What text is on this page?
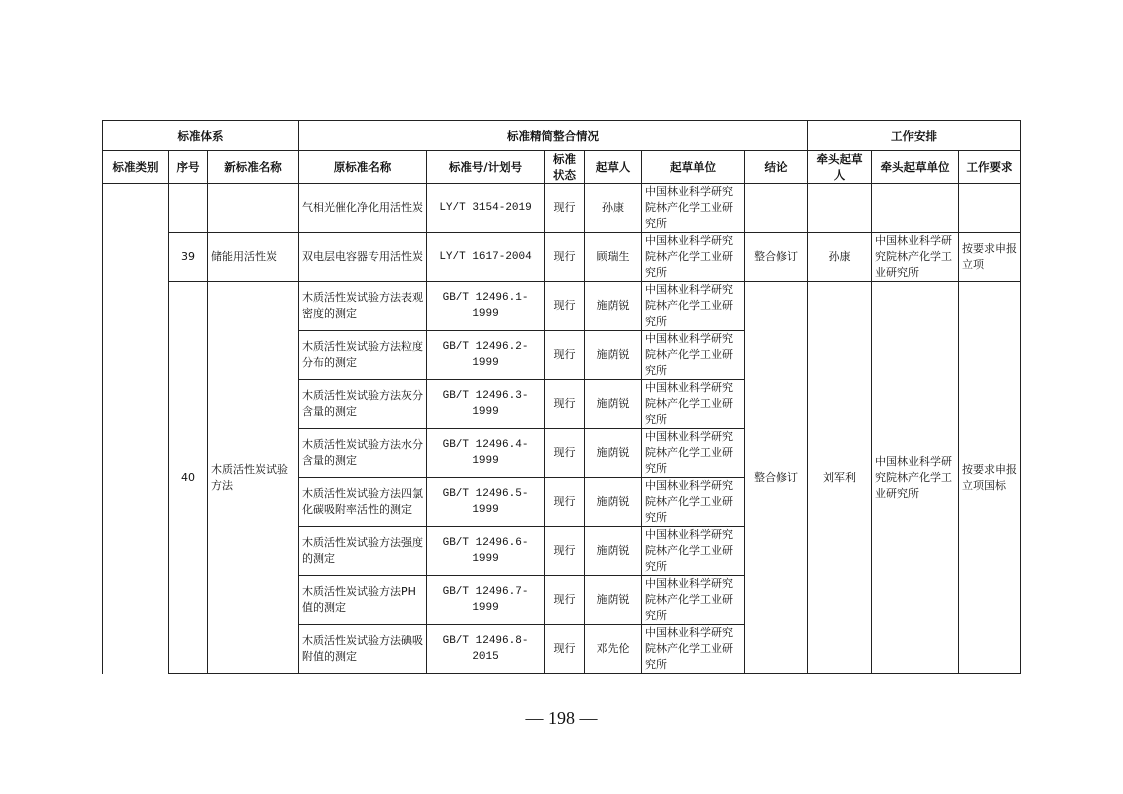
标准体系			标准精简整合情况						工作安排		
标准类别	序号	新标准名称	原标准名称	标准号/计划号	标准状态	起草人	起草单位	结论	牵头起草人	牵头起草单位	工作要求
			气相光催化净化用活性炭	LY/T 3154-2019	现行	孙康	中国林业科学研究院林产化学工业研究所				
	39	储能用活性炭	双电层电容器专用活性炭	LY/T 1617-2004	现行	顾瑞生	中国林业科学研究院林产化学工业研究所	整合修订	孙康	中国林业科学研究院林产化学工业研究所	按要求申报立项
	40	木质活性炭试验方法	木质活性炭试验方法表观密度的测定	GB/T 12496.1-1999	现行	施荫锐	中国林业科学研究院林产化学工业研究所	整合修订	刘军利	中国林业科学研究院林产化学工业研究所	按要求申报立项国标
			木质活性炭试验方法粒度分布的测定	GB/T 12496.2-1999	现行	施荫锐	中国林业科学研究院林产化学工业研究所				
			木质活性炭试验方法灰分含量的测定	GB/T 12496.3-1999	现行	施荫锐	中国林业科学研究院林产化学工业研究所				
			木质活性炭试验方法水分含量的测定	GB/T 12496.4-1999	现行	施荫锐	中国林业科学研究院林产化学工业研究所				
			木质活性炭试验方法四氯化碳吸附率活性的测定	GB/T 12496.5-1999	现行	施荫锐	中国林业科学研究院林产化学工业研究所				
			木质活性炭试验方法强度的测定	GB/T 12496.6-1999	现行	施荫锐	中国林业科学研究院林产化学工业研究所				
			木质活性炭试验方法PH值的测定	GB/T 12496.7-1999	现行	施荫锐	中国林业科学研究院林产化学工业研究所				
			木质活性炭试验方法碘吸附值的测定	GB/T 12496.8-2015	现行	邓先伦	中国林业科学研究院林产化学工业研究所				
— 198 —
